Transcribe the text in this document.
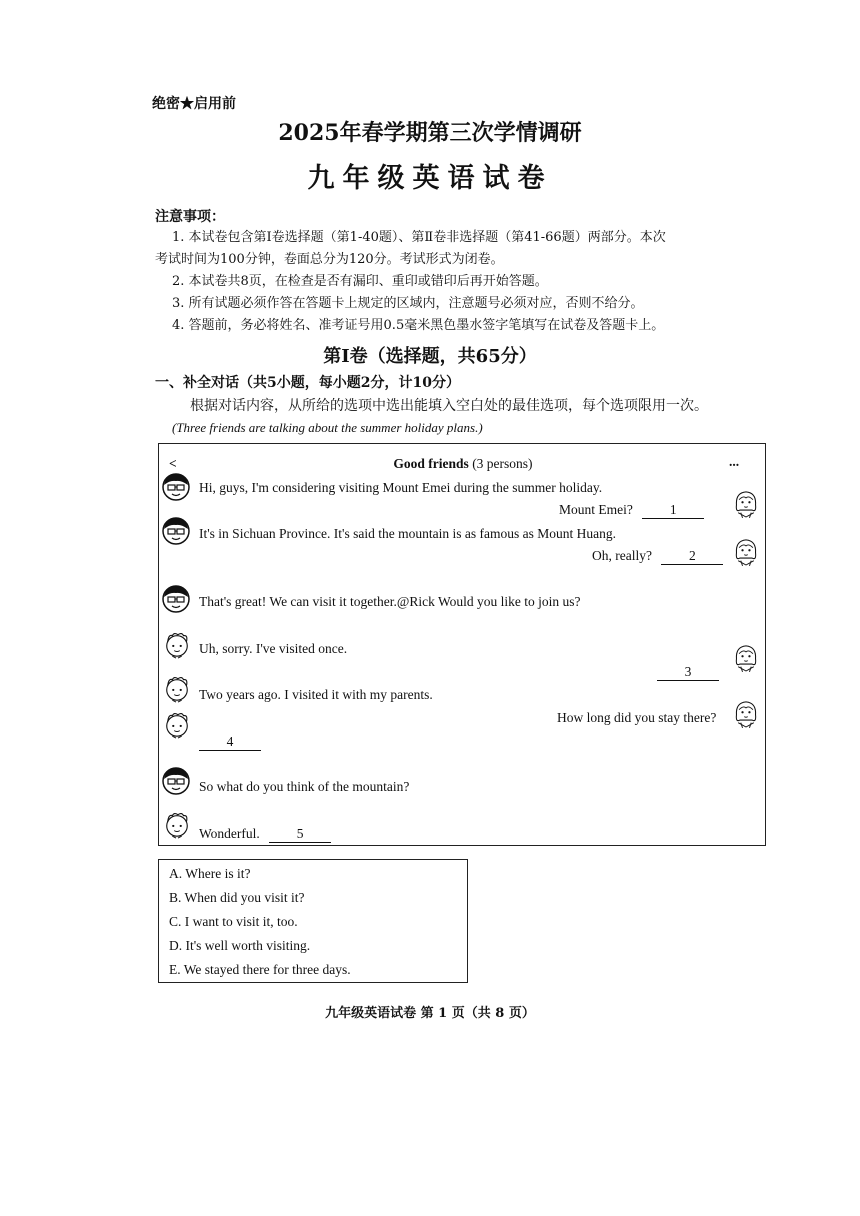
绝密★启用前
2025年春学期第三次学情调研
九年级英语试卷
注意事项：
1. 本试卷包含第Ⅰ卷选择题（第1-40题）、第Ⅱ卷非选择题（第41-66题）两部分。本次
考试时间为100分钟，卷面总分为120分。考试形式为闭卷。
2. 本试卷共8页，在检查是否有漏印、重印或错印后再开始答题。
3. 所有试题必须作答在答题卡上规定的区域内，注意题号必须对应，否则不给分。
4. 答题前，务必将姓名、准考证号用0.5毫米黑色墨水签字笔填写在试卷及答题卡上。
第Ⅰ卷（选择题，共65分）
一、补全对话（共5小题，每小题2分，计10分）
根据对话内容，从所给的选项中选出能填入空白处的最佳选项，每个选项限用一次。
(Three friends are talking about the summer holiday plans.)
<	Good friends (3 persons)	...
Hi, guys, I'm considering visiting Mount Emei during the summer holiday.
Mount Emei?	1
It's in Sichuan Province. It's said the mountain is as famous as Mount Huang.
Oh, really?	2
That's great! We can visit it together.@Rick Would you like to join us?
Uh, sorry. I've visited once.
3
Two years ago. I visited it with my parents.
How long did you stay there?
4
So what do you think of the mountain?
Wonderful.	5
A. Where is it?
B. When did you visit it?
C. I want to visit it, too.
D. It's well worth visiting.
E. We stayed there for three days.
九年级英语试卷 第 1 页（共 8 页）
